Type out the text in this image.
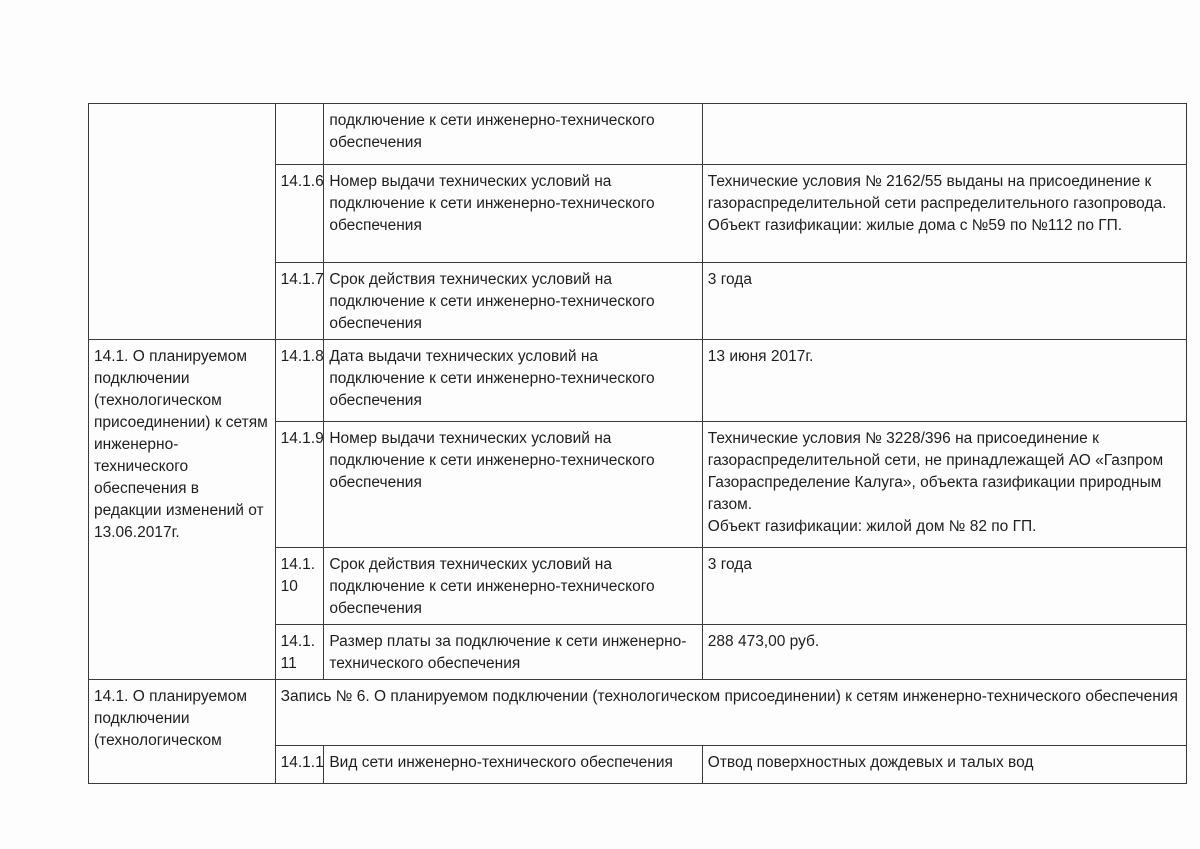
		подключение к сети инженерно-технического обеспечения	
	14.1.6	Номер выдачи технических условий на подключение к сети инженерно-технического обеспечения	Технические условия № 2162/55 выданы на присоединение к газораспределительной сети распределительного газопровода.
Объект газификации: жилые дома с №59 по №112 по ГП.
	14.1.7	Срок действия технических условий на подключение к сети инженерно-технического обеспечения	3 года
14.1. О планируемом подключении (технологическом присоединении) к сетям инженерно-технического обеспечения в редакции изменений от 13.06.2017г.	14.1.8	Дата выдачи технических условий на подключение к сети инженерно-технического обеспечения	13 июня 2017г.
	14.1.9	Номер выдачи технических условий на подключение к сети инженерно-технического обеспечения	Технические условия № 3228/396 на присоединение к газораспределительной сети, не принадлежащей АО «Газпром Газораспределение Калуга», объекта газификации природным газом.
Объект газификации: жилой дом № 82 по ГП.
	14.1.10	Срок действия технических условий на подключение к сети инженерно-технического обеспечения	3 года
	14.1.11	Размер платы за подключение к сети инженерно-технического обеспечения	288 473,00 руб.
14.1. О планируемом подключении (технологическом	Запись № 6. О планируемом подключении (технологическом присоединении) к сетям инженерно-технического обеспечения		
	14.1.1	Вид сети инженерно-технического обеспечения	Отвод поверхностных дождевых и талых вод
